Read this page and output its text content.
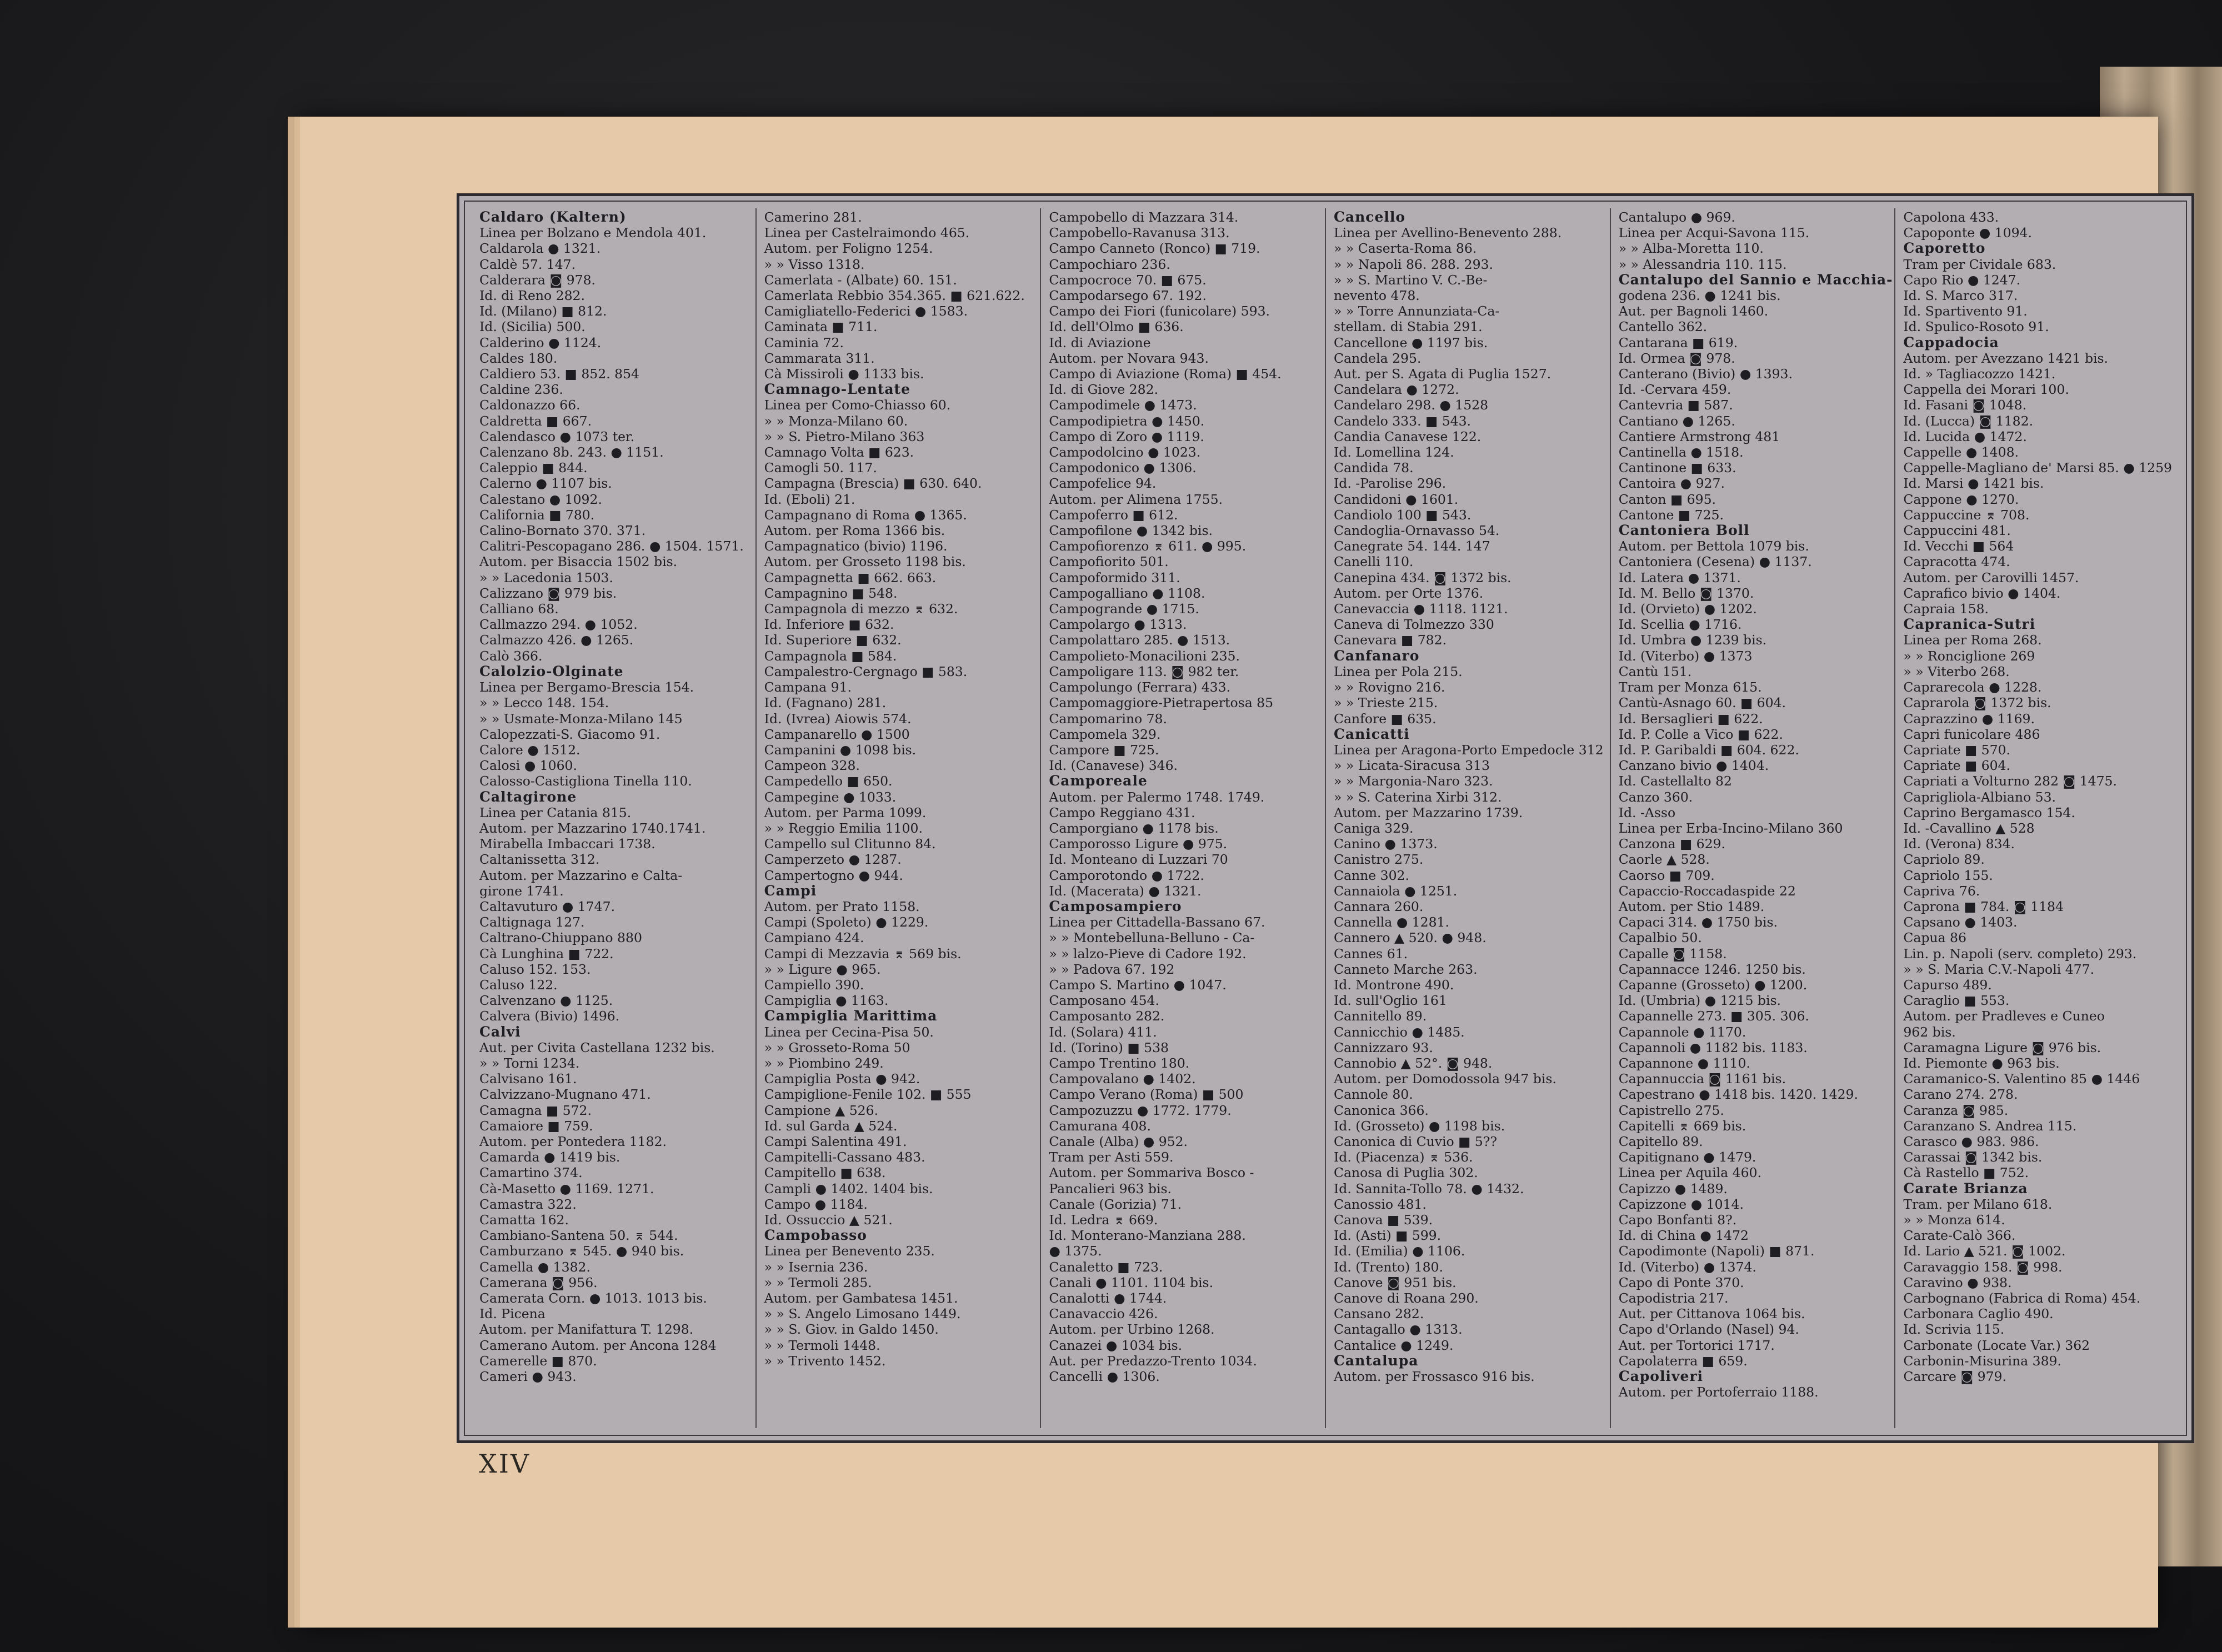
Caldaro (Kaltern)
Linea per Bolzano e Mendola 401.
Caldarola ● 1321.
Caldè 57. 147.
Calderara ◙ 978.
Id. di Reno 282.
Id. (Milano) ■ 812.
Id. (Sicilia) 500.
Calderino ● 1124.
Caldes 180.
Caldiero 53. ■ 852. 854
Caldine 236.
Caldonazzo 66.
Caldretta ■ 667.
Calendasco ● 1073 ter.
Calenzano 8b. 243. ● 1151.
Caleppio ■ 844.
Calerno ● 1107 bis.
Calestano ● 1092.
California ■ 780.
Calino-Bornato 370. 371.
Calitri-Pescopagano 286. ● 1504. 1571.
Autom. per Bisaccia 1502 bis.
» » Lacedonia 1503.
Calizzano ◙ 979 bis.
Calliano 68.
Callmazzo 294. ● 1052.
Calmazzo 426. ● 1265.
Calò 366.
Calolzio-Olginate
Linea per Bergamo-Brescia 154.
» » Lecco 148. 154.
» » Usmate-Monza-Milano 145
Calopezzati-S. Giacomo 91.
Calore ● 1512.
Calosi ● 1060.
Calosso-Castigliona Tinella 110.
Caltagirone
Linea per Catania 815.
Autom. per Mazzarino 1740.1741.
Mirabella Imbaccari 1738.
Caltanissetta 312.
Autom. per Mazzarino e Calta-
girone 1741.
Caltavuturo ● 1747.
Caltignaga 127.
Caltrano-Chiuppano 880
Cà Lunghina ■ 722.
Caluso 152. 153.
Caluso 122.
Calvenzano ● 1125.
Calvera (Bivio) 1496.
Calvi
Aut. per Civita Castellana 1232 bis.
» » Torni 1234.
Calvisano 161.
Calvizzano-Mugnano 471.
Camagna ■ 572.
Camaiore ■ 759.
Autom. per Pontedera 1182.
Camarda ● 1419 bis.
Camartino 374.
Cà-Masetto ● 1169. 1271.
Camastra 322.
Camatta 162.
Cambiano-Santena 50. ⌆ 544.
Camburzano ⌆ 545. ● 940 bis.
Camella ● 1382.
Camerana ◙ 956.
Camerata Corn. ● 1013. 1013 bis.
Id. Picena
Autom. per Manifattura T. 1298.
Camerano Autom. per Ancona 1284
Camerelle ■ 870.
Cameri ● 943.
Camerino 281.
Linea per Castelraimondo 465.
Autom. per Foligno 1254.
» » Visso 1318.
Camerlata - (Albate) 60. 151.
Camerlata Rebbio 354.365. ■ 621.622.
Camigliatello-Federici ● 1583.
Caminata ■ 711.
Caminia 72.
Cammarata 311.
Cà Missiroli ● 1133 bis.
Camnago-Lentate
Linea per Como-Chiasso 60.
» » Monza-Milano 60.
» » S. Pietro-Milano 363
Camnago Volta ■ 623.
Camogli 50. 117.
Campagna (Brescia) ■ 630. 640.
Id. (Eboli) 21.
Campagnano di Roma ● 1365.
Autom. per Roma 1366 bis.
Campagnatico (bivio) 1196.
Autom. per Grosseto 1198 bis.
Campagnetta ■ 662. 663.
Campagnino ■ 548.
Campagnola di mezzo ⌆ 632.
Id. Inferiore ■ 632.
Id. Superiore ■ 632.
Campagnola ■ 584.
Campalestro-Cergnago ■ 583.
Campana 91.
Id. (Fagnano) 281.
Id. (Ivrea) Aiowis 574.
Campanarello ● 1500
Campanini ● 1098 bis.
Campeon 328.
Campedello ■ 650.
Campegine ● 1033.
Autom. per Parma 1099.
» » Reggio Emilia 1100.
Campello sul Clitunno 84.
Camperzeto ● 1287.
Campertogno ● 944.
Campi
Autom. per Prato 1158.
Campi (Spoleto) ● 1229.
Campiano 424.
Campi di Mezzavia ⌆ 569 bis.
» » Ligure ● 965.
Campiello 390.
Campiglia ● 1163.
Campiglia Marittima
Linea per Cecina-Pisa 50.
» » Grosseto-Roma 50
» » Piombino 249.
Campiglia Posta ● 942.
Campiglione-Fenile 102. ■ 555
Campione ▲ 526.
Id. sul Garda ▲ 524.
Campi Salentina 491.
Campitelli-Cassano 483.
Campitello ■ 638.
Campli ● 1402. 1404 bis.
Campo ● 1184.
Id. Ossuccio ▲ 521.
Campobasso
Linea per Benevento 235.
» » Isernia 236.
» » Termoli 285.
Autom. per Gambatesa 1451.
» » S. Angelo Limosano 1449.
» » S. Giov. in Galdo 1450.
» » Termoli 1448.
» » Trivento 1452.
Campobello di Mazzara 314.
Campobello-Ravanusa 313.
Campo Canneto (Ronco) ■ 719.
Campochiaro 236.
Campocroce 70. ■ 675.
Campodarsego 67. 192.
Campo dei Fiori (funicolare) 593.
Id. dell'Olmo ■ 636.
Id. di Aviazione
Autom. per Novara 943.
Campo di Aviazione (Roma) ■ 454.
Id. di Giove 282.
Campodimele ● 1473.
Campodipietra ● 1450.
Campo di Zoro ● 1119.
Campodolcino ● 1023.
Campodonico ● 1306.
Campofelice 94.
Autom. per Alimena 1755.
Campoferro ■ 612.
Campofilone ● 1342 bis.
Campofiorenzo ⌆ 611. ● 995.
Campofiorito 501.
Campoformido 311.
Campogalliano ● 1108.
Campogrande ● 1715.
Campolargo ● 1313.
Campolattaro 285. ● 1513.
Campolieto-Monacilioni 235.
Campoligare 113. ◙ 982 ter.
Campolungo (Ferrara) 433.
Campomaggiore-Pietrapertosa 85
Campomarino 78.
Campomela 329.
Campore ■ 725.
Id. (Canavese) 346.
Camporeale
Autom. per Palermo 1748. 1749.
Campo Reggiano 431.
Camporgiano ● 1178 bis.
Camporosso Ligure ● 975.
Id. Monteano di Luzzari 70
Camporotondo ● 1722.
Id. (Macerata) ● 1321.
Camposampiero
Linea per Cittadella-Bassano 67.
» » Montebelluna-Belluno - Ca-
» » lalzo-Pieve di Cadore 192.
» » Padova 67. 192
Campo S. Martino ● 1047.
Camposano 454.
Camposanto 282.
Id. (Solara) 411.
Id. (Torino) ■ 538
Campo Trentino 180.
Campovalano ● 1402.
Campo Verano (Roma) ■ 500
Campozuzzu ● 1772. 1779.
Camurana 408.
Canale (Alba) ● 952.
Tram per Asti 559.
Autom. per Sommariva Bosco -
Pancalieri 963 bis.
Canale (Gorizia) 71.
Id. Ledra ⌆ 669.
Id. Monterano-Manziana 288.
● 1375.
Canaletto ■ 723.
Canali ● 1101. 1104 bis.
Canalotti ● 1744.
Canavaccio 426.
Autom. per Urbino 1268.
Canazei ● 1034 bis.
Aut. per Predazzo-Trento 1034.
Cancelli ● 1306.
Cancello
Linea per Avellino-Benevento 288.
» » Caserta-Roma 86.
» » Napoli 86. 288. 293.
» » S. Martino V. C.-Be-
nevento 478.
» » Torre Annunziata-Ca-
stellam. di Stabia 291.
Cancellone ● 1197 bis.
Candela 295.
Aut. per S. Agata di Puglia 1527.
Candelara ● 1272.
Candelaro 298. ● 1528
Candelo 333. ■ 543.
Candia Canavese 122.
Id. Lomellina 124.
Candida 78.
Id. -Parolise 296.
Candidoni ● 1601.
Candiolo 100 ■ 543.
Candoglia-Ornavasso 54.
Canegrate 54. 144. 147
Canelli 110.
Canepina 434. ◙ 1372 bis.
Autom. per Orte 1376.
Canevaccia ● 1118. 1121.
Caneva di Tolmezzo 330
Canevara ■ 782.
Canfanaro
Linea per Pola 215.
» » Rovigno 216.
» » Trieste 215.
Canfore ■ 635.
Canicatti
Linea per Aragona-Porto Empedocle 312
» » Licata-Siracusa 313
» » Margonia-Naro 323.
» » S. Caterina Xirbi 312.
Autom. per Mazzarino 1739.
Caniga 329.
Canino ● 1373.
Canistro 275.
Canne 302.
Cannaiola ● 1251.
Cannara 260.
Cannella ● 1281.
Cannero ▲ 520. ● 948.
Cannes 61.
Canneto Marche 263.
Id. Montrone 490.
Id. sull'Oglio 161
Cannitello 89.
Cannicchio ● 1485.
Cannizzaro 93.
Cannobio ▲ 52°. ◙ 948.
Autom. per Domodossola 947 bis.
Cannole 80.
Canonica 366.
Id. (Grosseto) ● 1198 bis.
Canonica di Cuvio ■ 5??
Id. (Piacenza) ⌆ 536.
Canosa di Puglia 302.
Id. Sannita-Tollo 78. ● 1432.
Canossio 481.
Canova ■ 539.
Id. (Asti) ■ 599.
Id. (Emilia) ● 1106.
Id. (Trento) 180.
Canove ◙ 951 bis.
Canove di Roana 290.
Cansano 282.
Cantagallo ● 1313.
Cantalice ● 1249.
Cantalupa
Autom. per Frossasco 916 bis.
Cantalupo ● 969.
Linea per Acqui-Savona 115.
» » Alba-Moretta 110.
» » Alessandria 110. 115.
Cantalupo del Sannio e Macchia-
godena 236. ● 1241 bis.
Aut. per Bagnoli 1460.
Cantello 362.
Cantarana ■ 619.
Id. Ormea ◙ 978.
Canterano (Bivio) ● 1393.
Id. -Cervara 459.
Cantevria ■ 587.
Cantiano ● 1265.
Cantiere Armstrong 481
Cantinella ● 1518.
Cantinone ■ 633.
Cantoira ● 927.
Canton ■ 695.
Cantone ■ 725.
Cantoniera Boll
Autom. per Bettola 1079 bis.
Cantoniera (Cesena) ● 1137.
Id. Latera ● 1371.
Id. M. Bello ◙ 1370.
Id. (Orvieto) ● 1202.
Id. Scellia ● 1716.
Id. Umbra ● 1239 bis.
Id. (Viterbo) ● 1373
Cantù 151.
Tram per Monza 615.
Cantù-Asnago 60. ■ 604.
Id. Bersaglieri ■ 622.
Id. P. Colle a Vico ■ 622.
Id. P. Garibaldi ■ 604. 622.
Canzano bivio ● 1404.
Id. Castellalto 82
Canzo 360.
Id. -Asso
Linea per Erba-Incino-Milano 360
Canzona ■ 629.
Caorle ▲ 528.
Caorso ■ 709.
Capaccio-Roccadaspide 22
Autom. per Stio 1489.
Capaci 314. ● 1750 bis.
Capalbio 50.
Capalle ◙ 1158.
Capannacce 1246. 1250 bis.
Capanne (Grosseto) ● 1200.
Id. (Umbria) ● 1215 bis.
Capannelle 273. ■ 305. 306.
Capannole ● 1170.
Capannoli ● 1182 bis. 1183.
Capannone ● 1110.
Capannuccia ◙ 1161 bis.
Capestrano ● 1418 bis. 1420. 1429.
Capistrello 275.
Capitelli ⌆ 669 bis.
Capitello 89.
Capitignano ● 1479.
Linea per Aquila 460.
Capizzo ● 1489.
Capizzone ● 1014.
Capo Bonfanti 8?.
Id. di China ● 1472
Capodimonte (Napoli) ■ 871.
Id. (Viterbo) ● 1374.
Capo di Ponte 370.
Capodistria 217.
Aut. per Cittanova 1064 bis.
Capo d'Orlando (Nasel) 94.
Aut. per Tortorici 1717.
Capolaterra ■ 659.
Capoliveri
Autom. per Portoferraio 1188.
Capolona 433.
Capoponte ● 1094.
Caporetto
Tram per Cividale 683.
Capo Rio ● 1247.
Id. S. Marco 317.
Id. Spartivento 91.
Id. Spulico-Rosoto 91.
Cappadocia
Autom. per Avezzano 1421 bis.
Id. » Tagliacozzo 1421.
Cappella dei Morari 100.
Id. Fasani ◙ 1048.
Id. (Lucca) ◙ 1182.
Id. Lucida ● 1472.
Cappelle ● 1408.
Cappelle-Magliano de' Marsi 85. ● 1259
Id. Marsi ● 1421 bis.
Cappone ● 1270.
Cappuccine ⌆ 708.
Cappuccini 481.
Id. Vecchi ■ 564
Capracotta 474.
Autom. per Carovilli 1457.
Caprafico bivio ● 1404.
Capraia 158.
Capranica-Sutri
Linea per Roma 268.
» » Ronciglione 269
» » Viterbo 268.
Caprarecola ● 1228.
Caprarola ◙ 1372 bis.
Caprazzino ● 1169.
Capri funicolare 486
Capriate ■ 570.
Capriate ■ 604.
Capriati a Volturno 282 ◙ 1475.
Caprigliola-Albiano 53.
Caprino Bergamasco 154.
Id. -Cavallino ▲ 528
Id. (Verona) 834.
Capriolo 89.
Capriolo 155.
Capriva 76.
Caprona ■ 784. ◙ 1184
Capsano ● 1403.
Capua 86
Lin. p. Napoli (serv. completo) 293.
» » S. Maria C.V.-Napoli 477.
Capurso 489.
Caraglio ■ 553.
Autom. per Pradleves e Cuneo
962 bis.
Caramagna Ligure ◙ 976 bis.
Id. Piemonte ● 963 bis.
Caramanico-S. Valentino 85 ● 1446
Carano 274. 278.
Caranza ◙ 985.
Caranzano S. Andrea 115.
Carasco ● 983. 986.
Carassai ◙ 1342 bis.
Cà Rastello ■ 752.
Carate Brianza
Tram. per Milano 618.
» » Monza 614.
Carate-Calò 366.
Id. Lario ▲ 521. ◙ 1002.
Caravaggio 158. ◙ 998.
Caravino ● 938.
Carbognano (Fabrica di Roma) 454.
Carbonara Caglio 490.
Id. Scrivia 115.
Carbonate (Locate Var.) 362
Carbonin-Misurina 389.
Carcare ◙ 979.
XIV
